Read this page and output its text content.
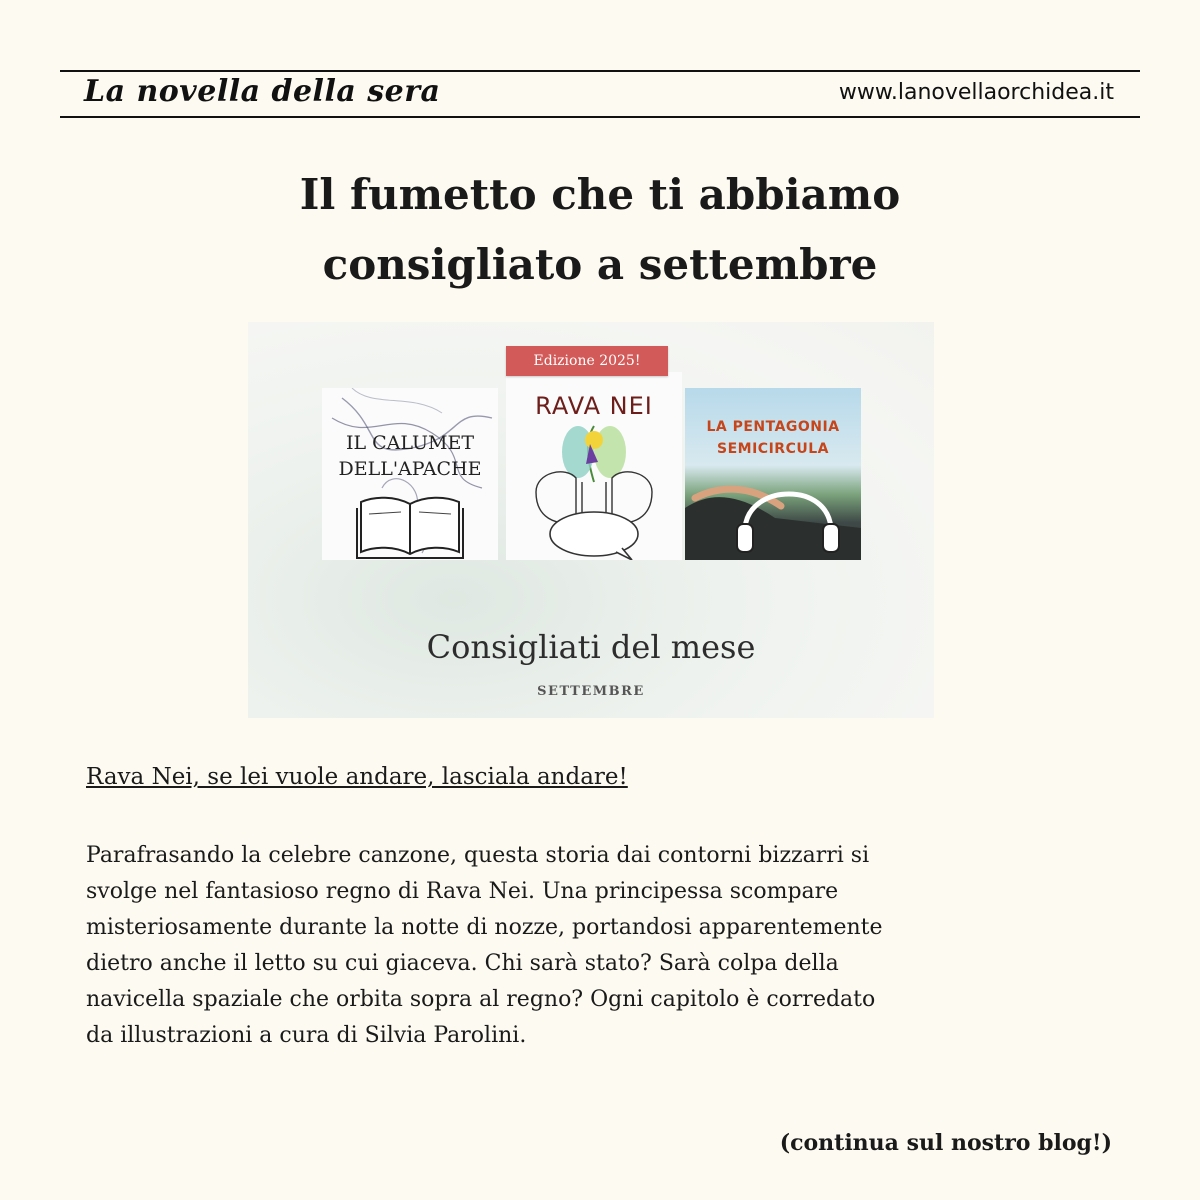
La novella della sera	www.lanovellaorchidea.it
Il fumetto che ti abbiamo
consigliato a settembre
IL CALUMET
DELL'APACHE
RAVA NEI
Edizione 2025!
LA PENTAGONIA
SEMICIRCULA
Consigliati del mese
SETTEMBRE
Rava Nei, se lei vuole andare, lasciala andare!

Parafrasando la celebre canzone, questa storia dai contorni bizzarri si
svolge nel fantasioso regno di Rava Nei. Una principessa scompare
misteriosamente durante la notte di nozze, portandosi apparentemente
dietro anche il letto su cui giaceva. Chi sarà stato? Sarà colpa della
navicella spaziale che orbita sopra al regno? Ogni capitolo è corredato
da illustrazioni a cura di Silvia Parolini.

(continua sul nostro blog!)
